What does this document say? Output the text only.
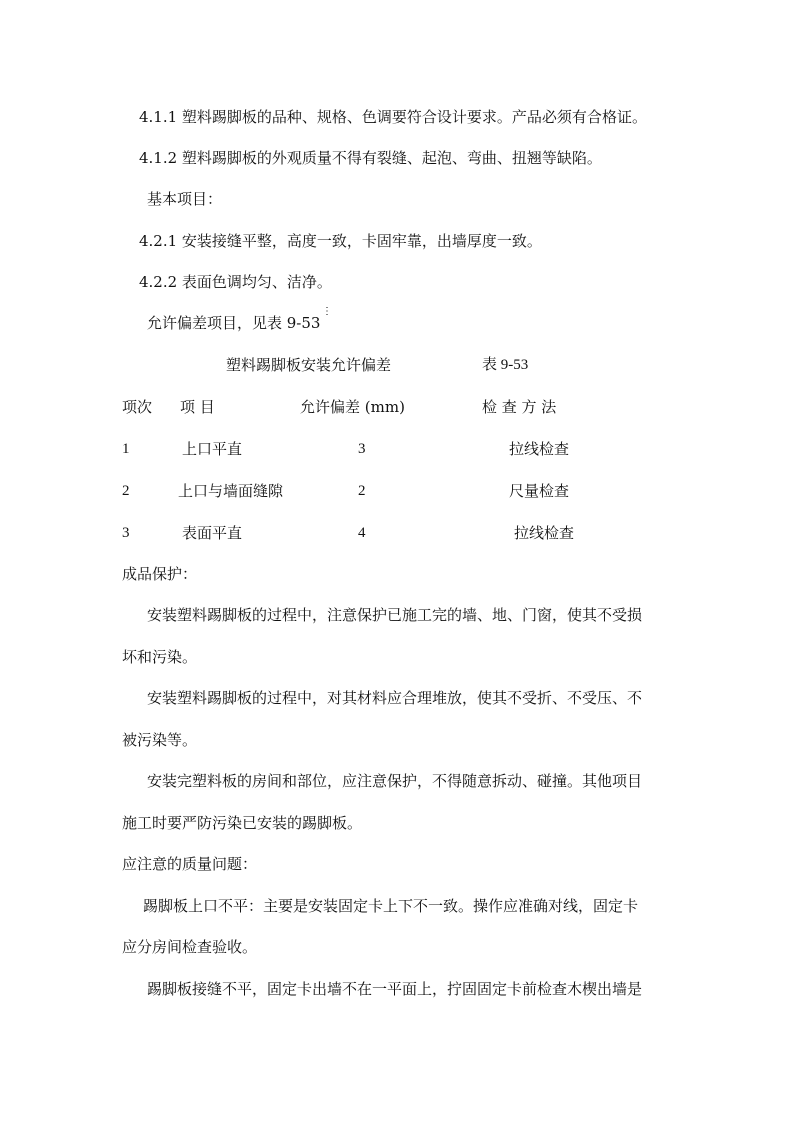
4.1.1 塑料踢脚板的品种、规格、色调要符合设计要求。产品必须有合格证。
4.1.2 塑料踢脚板的外观质量不得有裂缝、起泡、弯曲、扭翘等缺陷。
基本项目：
4.2.1 安装接缝平整，高度一致，卡固牢靠，出墙厚度一致。
4.2.2 表面色调均匀、洁净。
允许偏差项目，见表 9-53
⋮
塑料踢脚板安装允许偏差	表 9-53
项次 项 目	允许偏差 (mm)	检 查 方 法
1	上口平直	3	拉线检查
2	上口与墙面缝隙	2	尺量检查
3	表面平直	4	拉线检查
成品保护：
安装塑料踢脚板的过程中，注意保护已施工完的墙、地、门窗，使其不受损
坏和污染。
安装塑料踢脚板的过程中，对其材料应合理堆放，使其不受折、不受压、不
被污染等。
安装完塑料板的房间和部位，应注意保护，不得随意拆动、碰撞。其他项目
施工时要严防污染已安装的踢脚板。
应注意的质量问题：
踢脚板上口不平：主要是安装固定卡上下不一致。操作应准确对线，固定卡
应分房间检查验收。
踢脚板接缝不平，固定卡出墙不在一平面上，拧固固定卡前检查木楔出墙是
